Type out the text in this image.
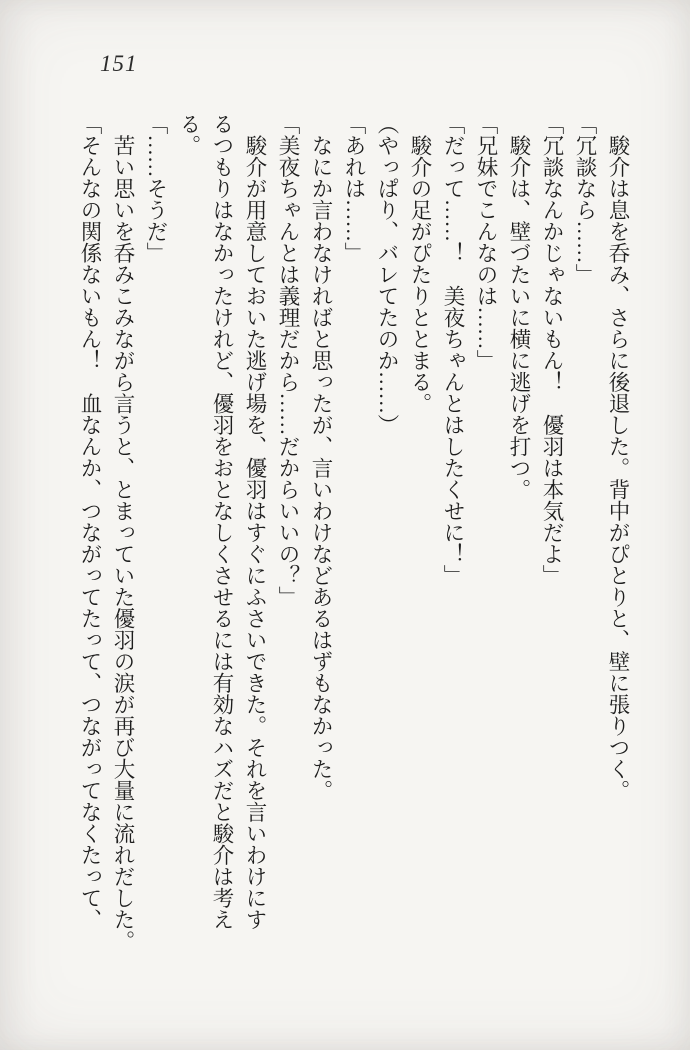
151

　駿介は息を呑み、さらに後退した。背中がぴとりと、壁に張りつく。

「冗談なら……」

「冗談なんかじゃないもん！　優羽は本気だよ」

　駿介は、壁づたいに横に逃げを打つ。

「兄妹でこんなのは……」

「だって……！　美夜ちゃんとはしたくせに！」

　駿介の足がぴたりととまる。

（やっぱり、バレてたのか……）

「あれは……」

　なにか言わなければと思ったが、言いわけなどあるはずもなかった。

「美夜ちゃんとは義理だから……だからいいの？」

　駿介が用意しておいた逃げ場を、優羽はすぐにふさいできた。それを言いわけにす

るつもりはなかったけれど、優羽をおとなしくさせるには有効なハズだと駿介は考え

る。

「……そうだ」

　苦い思いを呑みこみながら言うと、とまっていた優羽の涙が再び大量に流れだした。

「そんなの関係ないもん！　血なんか、つながってたって、つながってなくたって、
